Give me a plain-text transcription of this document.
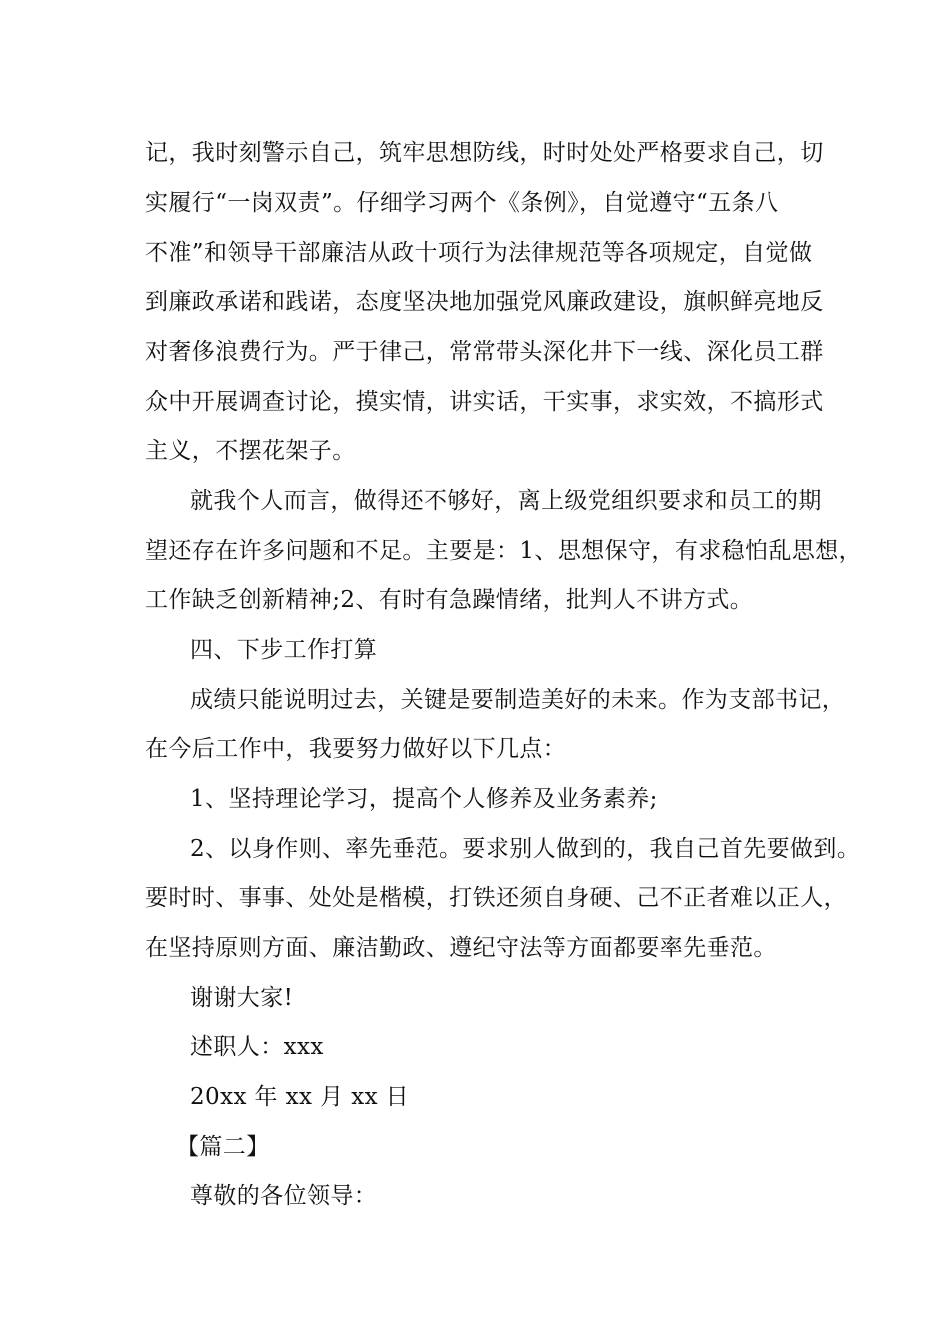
记，我时刻警示自己，筑牢思想防线，时时处处严格要求自己，切
实履行“一岗双责”。仔细学习两个《条例》，自觉遵守“五条八
不准”和领导干部廉洁从政十项行为法律规范等各项规定，自觉做
到廉政承诺和践诺，态度坚决地加强党风廉政建设，旗帜鲜亮地反
对奢侈浪费行为。严于律己，常常带头深化井下一线、深化员工群
众中开展调查讨论，摸实情，讲实话，干实事，求实效，不搞形式
主义，不摆花架子。
就我个人而言，做得还不够好，离上级党组织要求和员工的期
望还存在许多问题和不足。主要是：1、思想保守，有求稳怕乱思想，
工作缺乏创新精神;2、有时有急躁情绪，批判人不讲方式。
四、下步工作打算
成绩只能说明过去，关键是要制造美好的未来。作为支部书记，
在今后工作中，我要努力做好以下几点：
1、坚持理论学习，提高个人修养及业务素养;
2、以身作则、率先垂范。要求别人做到的，我自己首先要做到。
要时时、事事、处处是楷模，打铁还须自身硬、己不正者难以正人，
在坚持原则方面、廉洁勤政、遵纪守法等方面都要率先垂范。
谢谢大家!
述职人：xxx
20xx 年 xx 月 xx 日
【篇二】
尊敬的各位领导：
